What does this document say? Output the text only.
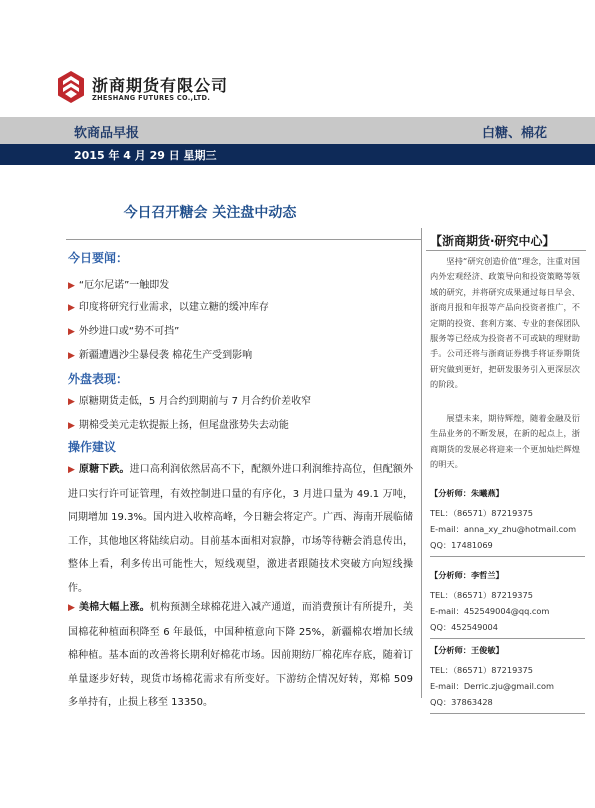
浙商期货有限公司
ZHESHANG FUTURES CO.,LTD.
软商品早报	白糖、棉花
2015 年 4 月 29 日 星期三
今日召开糖会 关注盘中动态
今日要闻：
▶ “厄尔尼诺”一触即发
▶ 印度将研究行业需求，以建立糖的缓冲库存
▶ 外纱进口或“势不可挡”
▶ 新疆遭遇沙尘暴侵袭 棉花生产受到影响
外盘表现：
▶ 原糖期货走低，5 月合约到期前与 7 月合约价差收窄
▶ 期棉受美元走软提振上扬，但尾盘涨势失去动能
操作建议
▶ 原糖下跌。进口高利润依然居高不下，配额外进口利润维持高位，但配额外进口实行许可证管理，有效控制进口量的有序化，3 月进口量为 49.1 万吨，同期增加 19.3%。国内进入收榨高峰，今日糖会将定产。广西、海南开展临储工作，其他地区将陆续启动。目前基本面相对寂静，市场等待糖会消息传出，整体上看，利多传出可能性大，短线观望，激进者跟随技术突破方向短线操作。
▶ 美棉大幅上涨。机构预测全球棉花进入减产通道，而消费预计有所提升，美国棉花种植面积降至 6 年最低，中国种植意向下降 25%，新疆棉农增加长绒棉种植。基本面的改善将长期利好棉花市场。因前期纺厂棉花库存底，随着订单量逐步好转，现货市场棉花需求有所变好。下游纺企情况好转，郑棉 509 多单持有，止损上移至 13350。
【浙商期货·研究中心】
坚持“研究创造价值”理念，注重对国内外宏观经济、政策导向和投资策略等领域的研究，并将研究成果通过每日早会、浙商月报和年报等产品向投资者推广，不定期的投资、套利方案、专业的套保团队服务等已经成为投资者不可或缺的理财助手。公司还将与浙商证券携手将证券期货研究做到更好，把研发服务引入更深层次的阶段。
展望未来，期待辉煌，随着金融及衍生品业务的不断发展，在新的起点上，浙商期货的发展必将迎来一个更加灿烂辉煌的明天。
【分析师：朱曦燕】
TEL：（86571）87219375
E-mail：anna_xy_zhu@hotmail.com
QQ：17481069
【分析师：李哲兰】
TEL：（86571）87219375
E-mail：452549004@qq.com
QQ：452549004
【分析师：王俊敏】
TEL：（86571）87219375
E-mail：Derric.zju@gmail.com
QQ：37863428
